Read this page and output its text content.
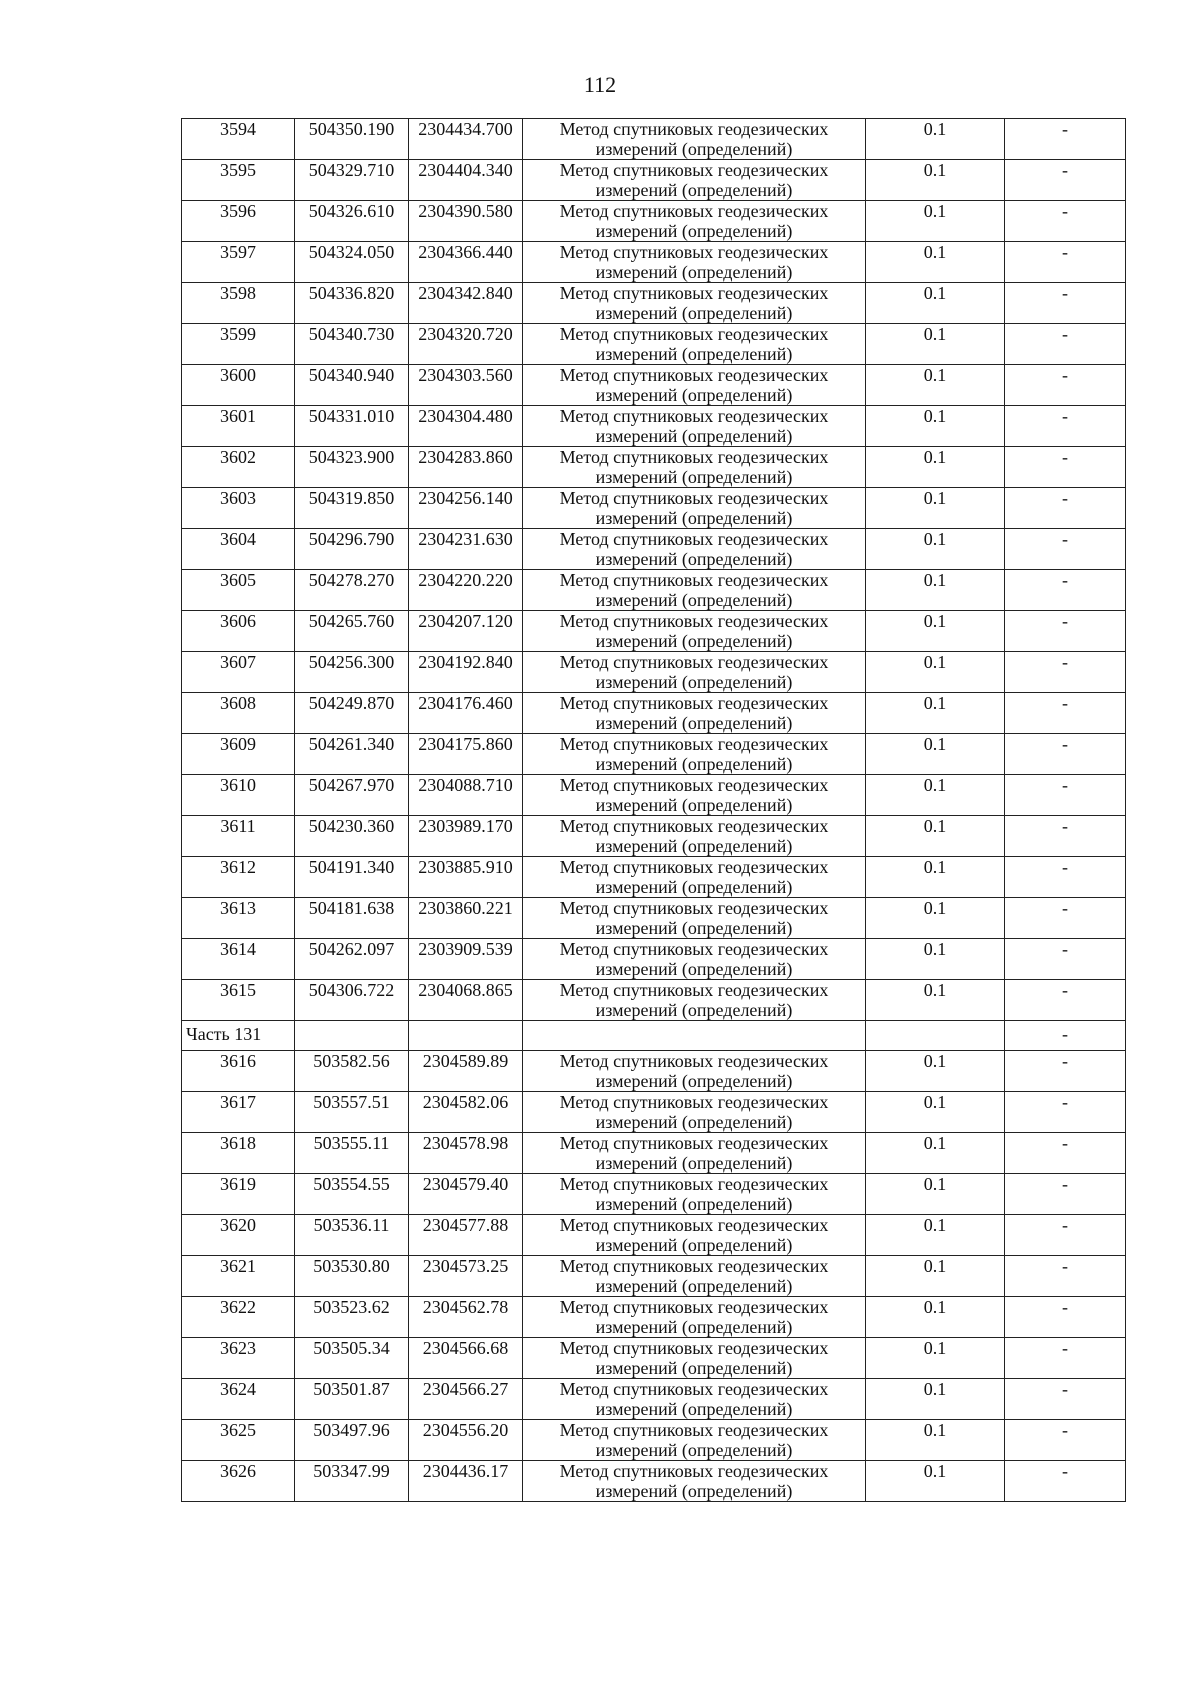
112
3594	504350.190	2304434.700	Метод спутниковых геодезических измерений (определений)	0.1	-
3595	504329.710	2304404.340	Метод спутниковых геодезических измерений (определений)	0.1	-
3596	504326.610	2304390.580	Метод спутниковых геодезических измерений (определений)	0.1	-
3597	504324.050	2304366.440	Метод спутниковых геодезических измерений (определений)	0.1	-
3598	504336.820	2304342.840	Метод спутниковых геодезических измерений (определений)	0.1	-
3599	504340.730	2304320.720	Метод спутниковых геодезических измерений (определений)	0.1	-
3600	504340.940	2304303.560	Метод спутниковых геодезических измерений (определений)	0.1	-
3601	504331.010	2304304.480	Метод спутниковых геодезических измерений (определений)	0.1	-
3602	504323.900	2304283.860	Метод спутниковых геодезических измерений (определений)	0.1	-
3603	504319.850	2304256.140	Метод спутниковых геодезических измерений (определений)	0.1	-
3604	504296.790	2304231.630	Метод спутниковых геодезических измерений (определений)	0.1	-
3605	504278.270	2304220.220	Метод спутниковых геодезических измерений (определений)	0.1	-
3606	504265.760	2304207.120	Метод спутниковых геодезических измерений (определений)	0.1	-
3607	504256.300	2304192.840	Метод спутниковых геодезических измерений (определений)	0.1	-
3608	504249.870	2304176.460	Метод спутниковых геодезических измерений (определений)	0.1	-
3609	504261.340	2304175.860	Метод спутниковых геодезических измерений (определений)	0.1	-
3610	504267.970	2304088.710	Метод спутниковых геодезических измерений (определений)	0.1	-
3611	504230.360	2303989.170	Метод спутниковых геодезических измерений (определений)	0.1	-
3612	504191.340	2303885.910	Метод спутниковых геодезических измерений (определений)	0.1	-
3613	504181.638	2303860.221	Метод спутниковых геодезических измерений (определений)	0.1	-
3614	504262.097	2303909.539	Метод спутниковых геодезических измерений (определений)	0.1	-
3615	504306.722	2304068.865	Метод спутниковых геодезических измерений (определений)	0.1	-
Часть 131					-
3616	503582.56	2304589.89	Метод спутниковых геодезических измерений (определений)	0.1	-
3617	503557.51	2304582.06	Метод спутниковых геодезических измерений (определений)	0.1	-
3618	503555.11	2304578.98	Метод спутниковых геодезических измерений (определений)	0.1	-
3619	503554.55	2304579.40	Метод спутниковых геодезических измерений (определений)	0.1	-
3620	503536.11	2304577.88	Метод спутниковых геодезических измерений (определений)	0.1	-
3621	503530.80	2304573.25	Метод спутниковых геодезических измерений (определений)	0.1	-
3622	503523.62	2304562.78	Метод спутниковых геодезических измерений (определений)	0.1	-
3623	503505.34	2304566.68	Метод спутниковых геодезических измерений (определений)	0.1	-
3624	503501.87	2304566.27	Метод спутниковых геодезических измерений (определений)	0.1	-
3625	503497.96	2304556.20	Метод спутниковых геодезических измерений (определений)	0.1	-
3626	503347.99	2304436.17	Метод спутниковых геодезических измерений (определений)	0.1	-
